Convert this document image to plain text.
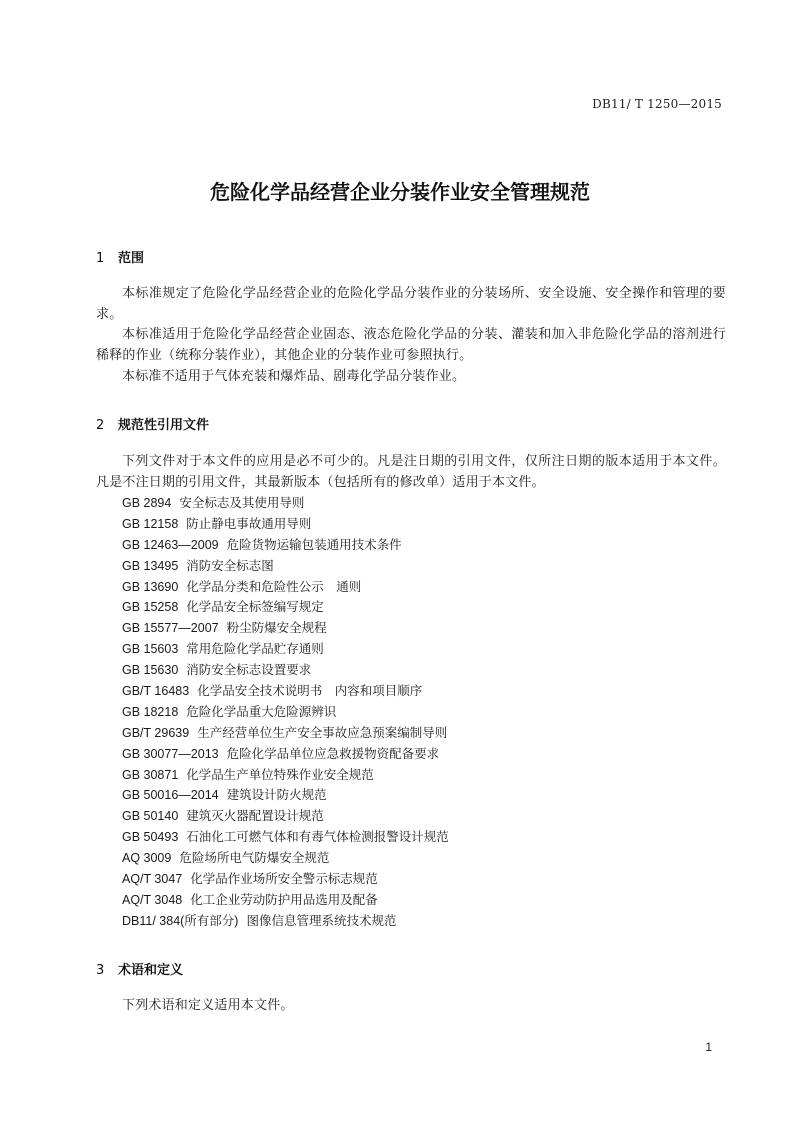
DB11/ T 1250—2015
危险化学品经营企业分装作业安全管理规范
1 范围
本标准规定了危险化学品经营企业的危险化学品分装作业的分装场所、安全设施、安全操作和管理的要求。
本标准适用于危险化学品经营企业固态、液态危险化学品的分装、灌装和加入非危险化学品的溶剂进行稀释的作业（统称分装作业），其他企业的分装作业可参照执行。
本标准不适用于气体充装和爆炸品、剧毒化学品分装作业。
2 规范性引用文件
下列文件对于本文件的应用是必不可少的。凡是注日期的引用文件，仅所注日期的版本适用于本文件。凡是不注日期的引用文件，其最新版本（包括所有的修改单）适用于本文件。
GB 2894 安全标志及其使用导则
GB 12158 防止静电事故通用导则
GB 12463—2009 危险货物运输包装通用技术条件
GB 13495 消防安全标志图
GB 13690 化学品分类和危险性公示　通则
GB 15258 化学品安全标签编写规定
GB 15577—2007 粉尘防爆安全规程
GB 15603 常用危险化学品贮存通则
GB 15630 消防安全标志设置要求
GB/T 16483 化学品安全技术说明书　内容和项目顺序
GB 18218 危险化学品重大危险源辨识
GB/T 29639 生产经营单位生产安全事故应急预案编制导则
GB 30077—2013 危险化学品单位应急救援物资配备要求
GB 30871 化学品生产单位特殊作业安全规范
GB 50016—2014 建筑设计防火规范
GB 50140 建筑灭火器配置设计规范
GB 50493 石油化工可燃气体和有毒气体检测报警设计规范
AQ 3009 危险场所电气防爆安全规范
AQ/T 3047 化学品作业场所安全警示标志规范
AQ/T 3048 化工企业劳动防护用品选用及配备
DB11/ 384(所有部分) 图像信息管理系统技术规范
3 术语和定义
下列术语和定义适用本文件。
1
